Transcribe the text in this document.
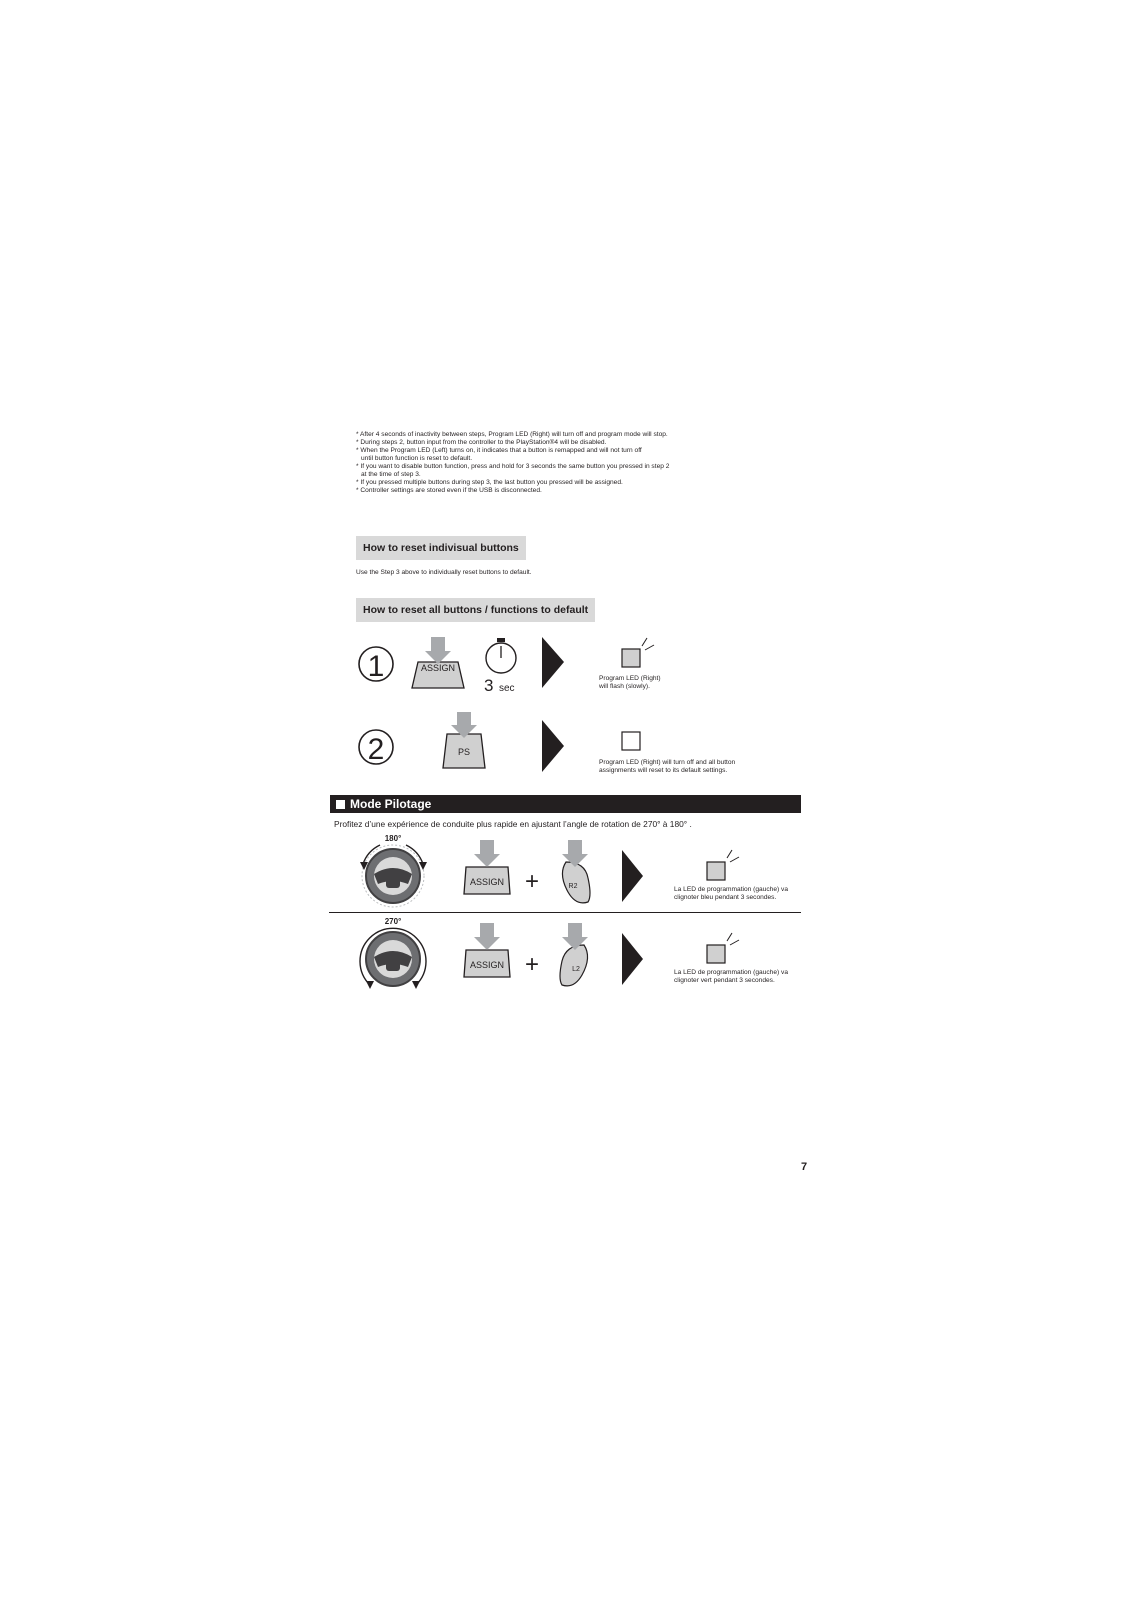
* After 4 seconds of inactivity between steps, Program LED (Right) will turn off and program mode will stop.
* During steps 2, button input from the controller to the PlayStation®4 will be disabled.
* When the Program LED (Left) turns on, it indicates that a button is remapped and will not turn off
until button function is reset to default.
* If you want to disable button function, press and hold for 3 seconds the same button you pressed in step 2
at the time of step 3.
* If you pressed multiple buttons during step 3, the last button you pressed will be assigned.
* Controller settings are stored even if the USB is disconnected.
How to reset indivisual buttons
Use the Step 3 above to individually reset buttons to default.
How to reset all buttons / functions to default
1	ASSIGN
3 sec
Program LED (Right)
will flash (slowly).
2	PS
Program LED (Right) will turn off and all button
assignments will reset to its default settings.
Mode Pilotage
Profitez d’une expérience de conduite plus rapide en ajustant l’angle de rotation de 270° à 180° .
180°
ASSIGN +	R2	La LED de programmation (gauche) va
clignoter bleu pendant 3 secondes.
270°
ASSIGN +	L2	La LED de programmation (gauche) va
clignoter vert pendant 3 secondes.
7
